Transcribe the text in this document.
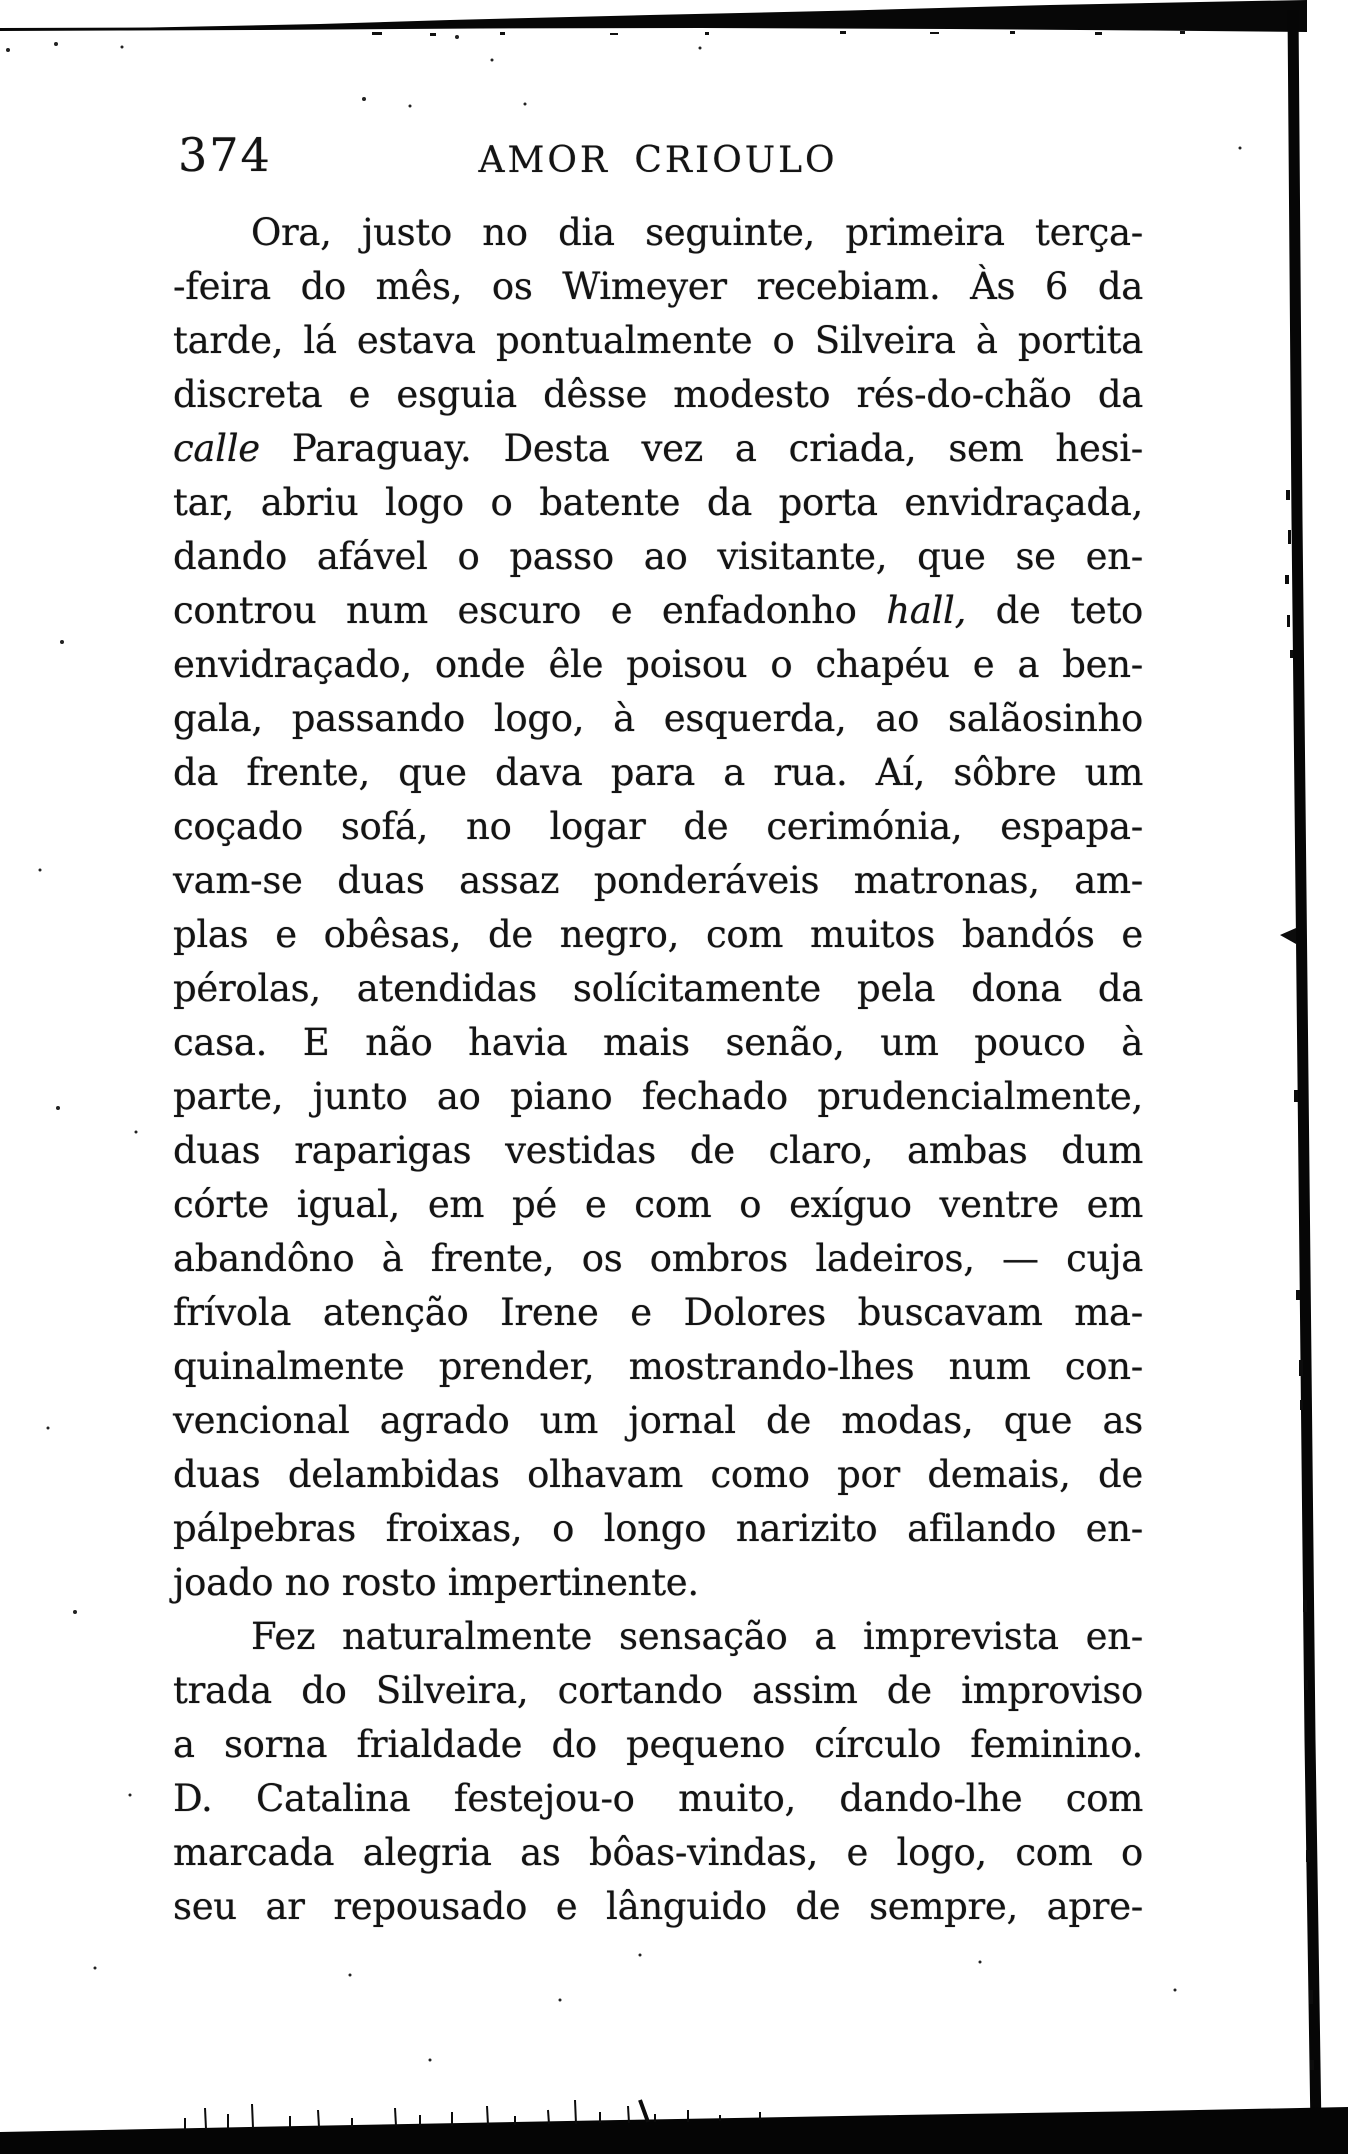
374	AMOR CRIOULO
Ora, justo no dia seguinte, primeira terça-
-feira do mês, os Wimeyer recebiam. Às 6 da
tarde, lá estava pontualmente o Silveira à portita
discreta e esguia dêsse modesto rés-do-chão da
calle Paraguay. Desta vez a criada, sem hesi-
tar, abriu logo o batente da porta envidraçada,
dando afável o passo ao visitante, que se en-
controu num escuro e enfadonho hall, de teto
envidraçado, onde êle poisou o chapéu e a ben-
gala, passando logo, à esquerda, ao salãosinho
da frente, que dava para a rua. Aí, sôbre um
coçado sofá, no logar de cerimónia, espapa-
vam-se duas assaz ponderáveis matronas, am-
plas e obêsas, de negro, com muitos bandós e
pérolas, atendidas solícitamente pela dona da
casa. E não havia mais senão, um pouco à
parte, junto ao piano fechado prudencialmente,
duas raparigas vestidas de claro, ambas dum
córte igual, em pé e com o exíguo ventre em
abandôno à frente, os ombros ladeiros, — cuja
frívola atenção Irene e Dolores buscavam ma-
quinalmente prender, mostrando-lhes num con-
vencional agrado um jornal de modas, que as
duas delambidas olhavam como por demais, de
pálpebras froixas, o longo narizito afilando en-
joado no rosto impertinente.
Fez naturalmente sensação a imprevista en-
trada do Silveira, cortando assim de improviso
a sorna frialdade do pequeno círculo feminino.
D. Catalina festejou-o muito, dando-lhe com
marcada alegria as bôas-vindas, e logo, com o
seu ar repousado e lânguido de sempre, apre-
